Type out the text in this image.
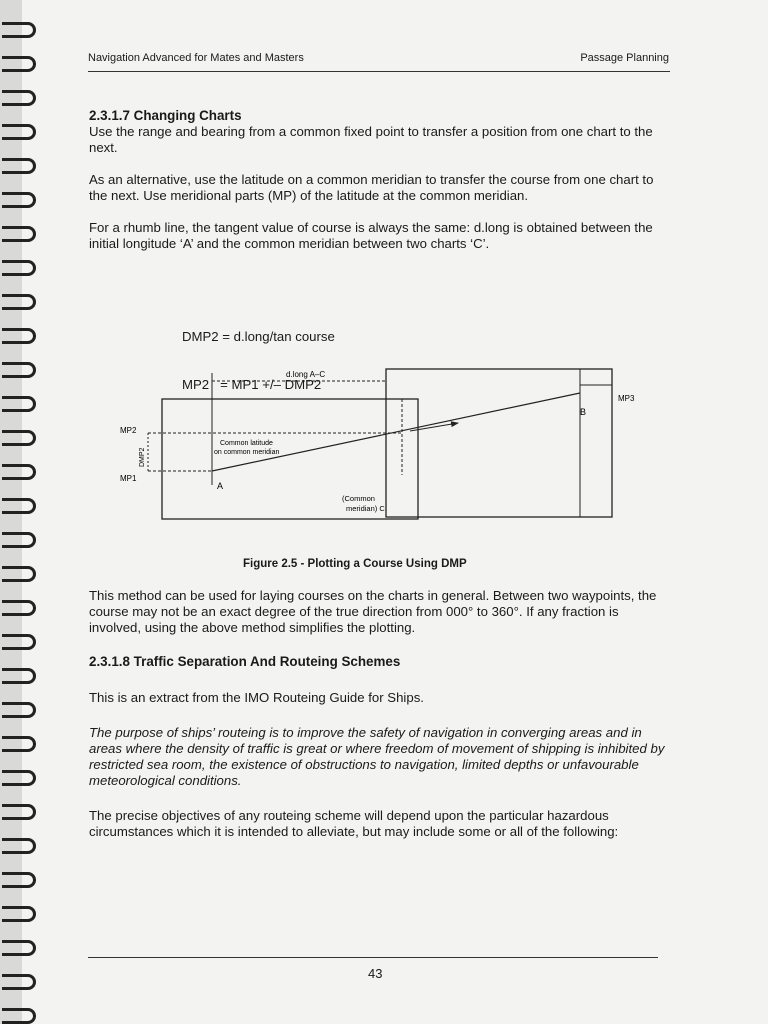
Navigation Advanced for Mates and Masters	Passage Planning
2.3.1.7 Changing Charts

Use the range and bearing from a common fixed point to transfer a position from one chart to the next.

As an alternative, use the latitude on a common meridian to transfer the course from one chart to the next. Use meridional parts (MP) of the latitude at the common meridian.

For a rhumb line, the tangent value of course is always the same: d.long is obtained between the initial longitude ‘A’ and the common meridian between two charts ‘C’.

DMP2 = d.long/tan course

MP2   = MP1 +/– DMP2

d.long A–C
MP3
MP2
MP1
DMP2
B
A
Common latitude
on common meridian
(Common
meridian) C
Figure 2.5 - Plotting a Course Using DMP
This method can be used for laying courses on the charts in general. Between two waypoints, the course may not be an exact degree of the true direction from 000° to 360°. If any fraction is involved, using the above method simplifies the plotting.
2.3.1.8 Traffic Separation And Routeing Schemes
This is an extract from the IMO Routeing Guide for Ships.
The purpose of ships’ routeing is to improve the safety of navigation in converging areas and in areas where the density of traffic is great or where freedom of movement of shipping is inhibited by restricted sea room, the existence of obstructions to navigation, limited depths or unfavourable meteorological conditions.
The precise objectives of any routeing scheme will depend upon the particular hazardous circumstances which it is intended to alleviate, but may include some or all of the following:
43
